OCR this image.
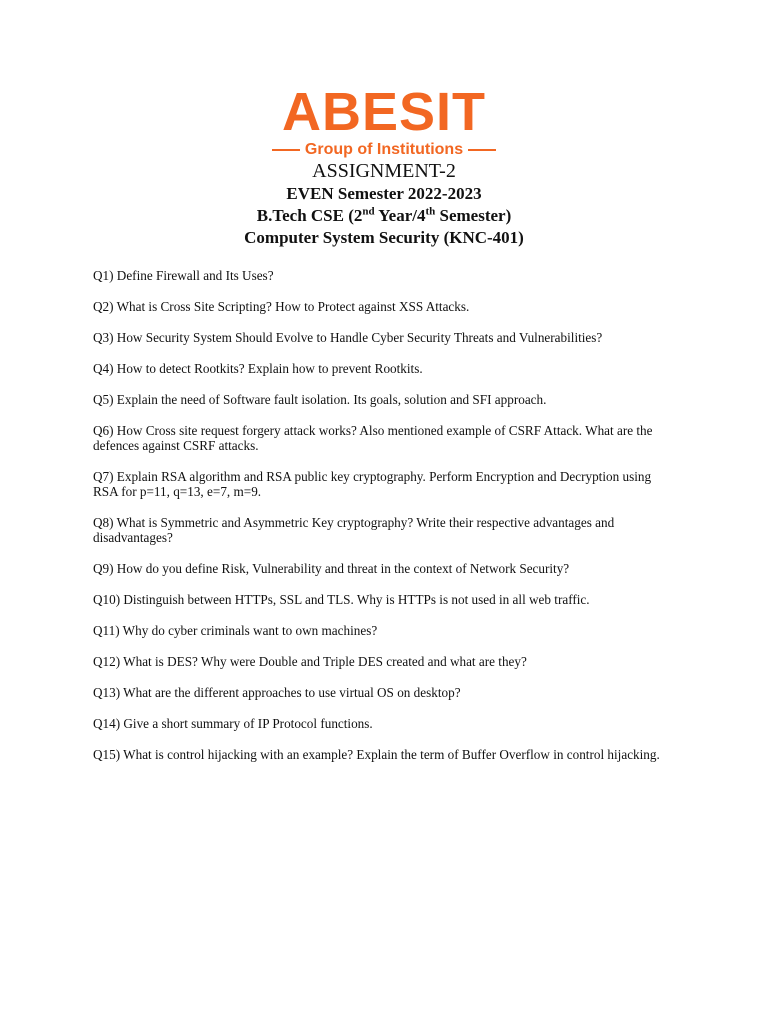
ABESIT
Group of Institutions
ASSIGNMENT-2
EVEN Semester 2022-2023
B.Tech CSE (2nd Year/4th Semester)
Computer System Security (KNC-401)
Q1) Define Firewall and Its Uses?
Q2) What is Cross Site Scripting? How to Protect against XSS Attacks.
Q3) How Security System Should Evolve to Handle Cyber Security Threats and Vulnerabilities?
Q4) How to detect Rootkits? Explain how to prevent Rootkits.
Q5) Explain the need of Software fault isolation. Its goals, solution and SFI approach.
Q6) How Cross site request forgery attack works? Also mentioned example of CSRF Attack. What are the defences against CSRF attacks.
Q7) Explain RSA algorithm and RSA public key cryptography. Perform Encryption and Decryption using RSA for p=11, q=13, e=7, m=9.
Q8) What is Symmetric and Asymmetric Key cryptography? Write their respective advantages and disadvantages?
Q9) How do you define Risk, Vulnerability and threat in the context of Network Security?
Q10) Distinguish between HTTPs, SSL and TLS. Why is HTTPs is not used in all web traffic.
Q11) Why do cyber criminals want to own machines?
Q12) What is DES? Why were Double and Triple DES created and what are they?
Q13) What are the different approaches to use virtual OS on desktop?
Q14) Give a short summary of IP Protocol functions.
Q15) What is control hijacking with an example? Explain the term of Buffer Overflow in control hijacking.
